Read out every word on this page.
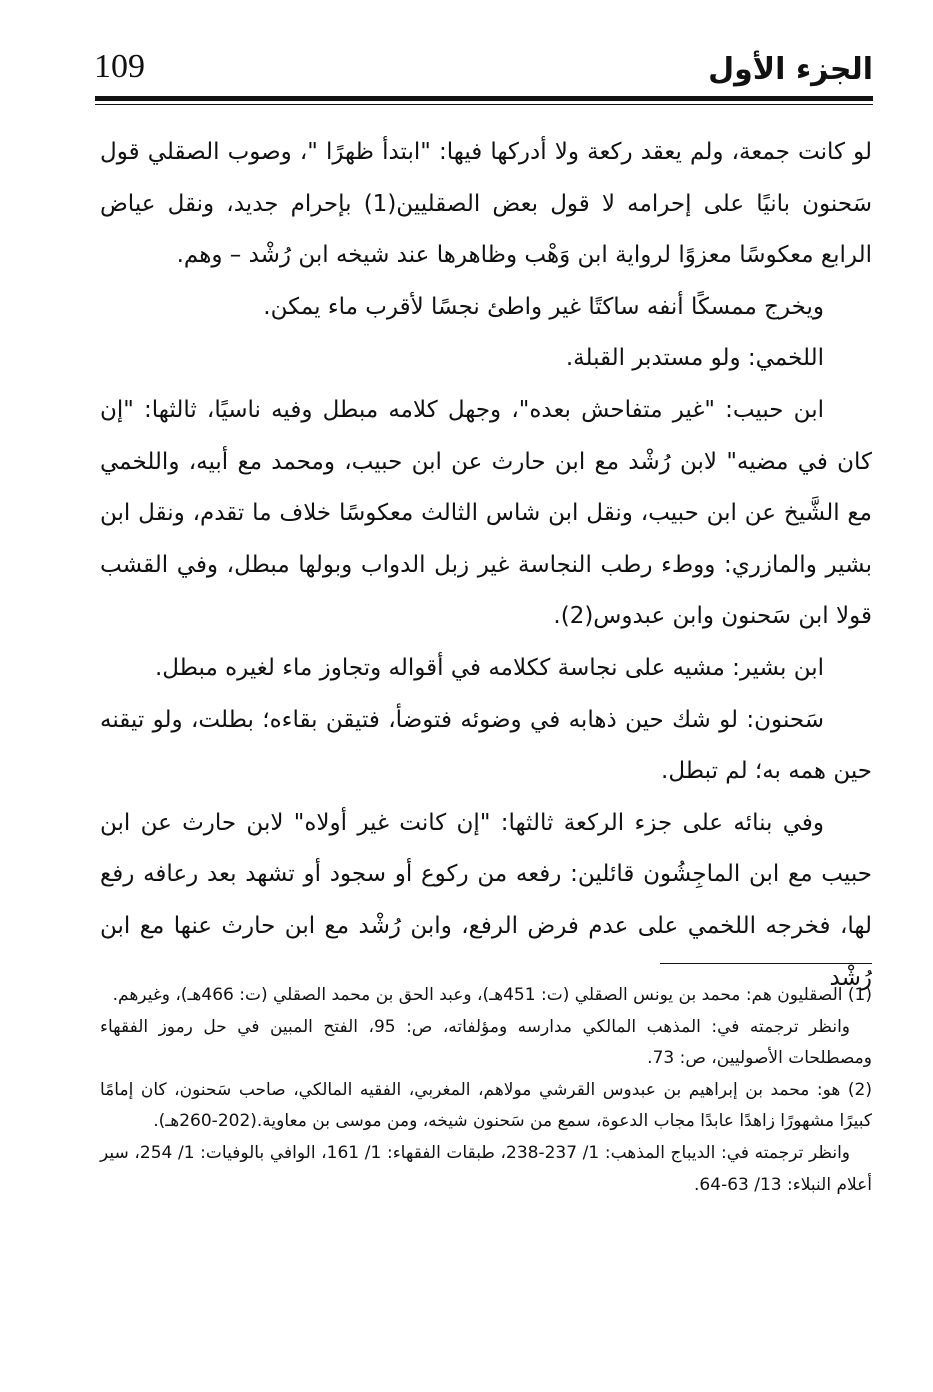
الجزء الأول
109

لو كانت جمعة، ولم يعقد ركعة ولا أدركها فيها: "ابتدأ ظهرًا "، وصوب الصقلي قول سَحنون بانيًا على إحرامه لا قول بعض الصقليين(1) بإحرام جديد، ونقل عياض الرابع معكوسًا معزوًا لرواية ابن وَهْب وظاهرها عند شيخه ابن رُشْد – وهم.

ويخرج ممسكًا أنفه ساكتًا غير واطئ نجسًا لأقرب ماء يمكن.

اللخمي: ولو مستدبر القبلة.

ابن حبيب: "غير متفاحش بعده"، وجهل كلامه مبطل وفيه ناسيًا، ثالثها: "إن كان في مضيه" لابن رُشْد مع ابن حارث عن ابن حبيب، ومحمد مع أبيه، واللخمي مع الشَّيخ عن ابن حبيب، ونقل ابن شاس الثالث معكوسًا خلاف ما تقدم، ونقل ابن بشير والمازري: ووطء رطب النجاسة غير زبل الدواب وبولها مبطل، وفي القشب قولا ابن سَحنون وابن عبدوس(2).

ابن بشير: مشيه على نجاسة ككلامه في أقواله وتجاوز ماء لغيره مبطل.

سَحنون: لو شك حين ذهابه في وضوئه فتوضأ، فتيقن بقاءه؛ بطلت، ولو تيقنه حين همه به؛ لم تبطل.

وفي بنائه على جزء الركعة ثالثها: "إن كانت غير أولاه" لابن حارث عن ابن حبيب مع ابن الماجِشُون قائلين: رفعه من ركوع أو سجود أو تشهد بعد رعافه رفع لها، فخرجه اللخمي على عدم فرض الرفع، وابن رُشْد مع ابن حارث عنها مع ابن رُشْد

(1) الصقليون هم: محمد بن يونس الصقلي (ت: 451هـ)، وعبد الحق بن محمد الصقلي (ت: 466هـ)، وغيرهم.

وانظر ترجمته في: المذهب المالكي مدارسه ومؤلفاته، ص: 95، الفتح المبين في حل رموز الفقهاء ومصطلحات الأصوليين، ص: 73.

(2) هو: محمد بن إبراهيم بن عبدوس القرشي مولاهم، المغربي، الفقيه المالكي، صاحب سَحنون، كان إمامًا كبيرًا مشهورًا زاهدًا عابدًا مجاب الدعوة، سمع من سَحنون شيخه، ومن موسى بن معاوية.(202-260هـ).

وانظر ترجمته في: الديباج المذهب: 1/ 237-238، طبقات الفقهاء: 1/ 161، الوافي بالوفيات: 1/ 254، سير أعلام النبلاء: 13/ 63-64.
